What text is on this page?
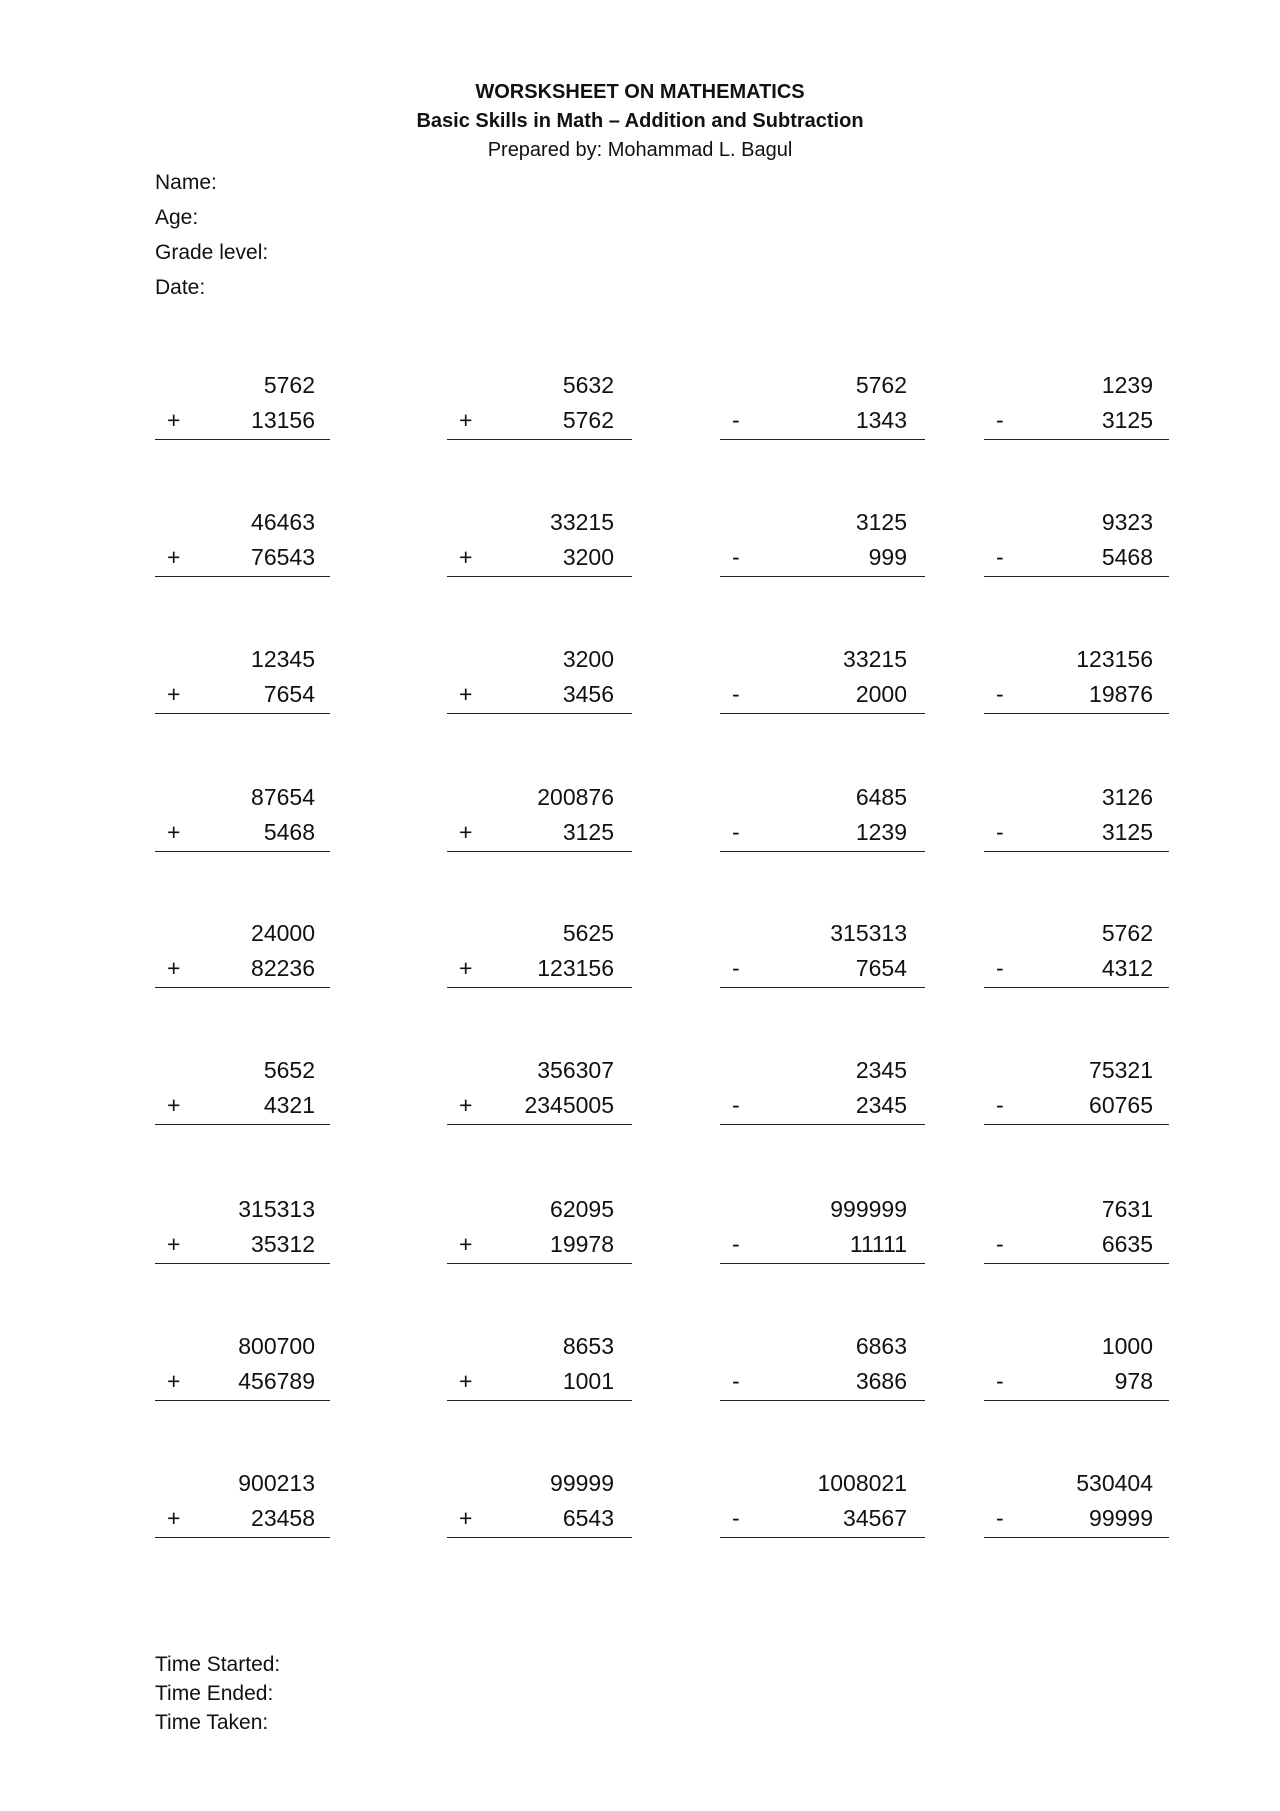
WORSKSHEET ON MATHEMATICS
Basic Skills in Math – Addition and Subtraction
Prepared by: Mohammad L. Bagul
Name:
Age:
Grade level:
Date:
5762
+	13156
5632
+	5762
5762
-	1343
1239
-	3125
46463
+	76543
33215
+	3200
3125
-	999
9323
-	5468
12345
+	7654
3200
+	3456
33215
-	2000
123156
-	19876
87654
+	5468
200876
+	3125
6485
-	1239
3126
-	3125
24000
+	82236
5625
+	123156
315313
-	7654
5762
-	4312
5652
+	4321
356307
+	2345005
2345
-	2345
75321
-	60765
315313
+	35312
62095
+	19978
999999
-	11111
7631
-	6635
800700
+	456789
8653
+	1001
6863
-	3686
1000
-	978
900213
+	23458
99999
+	6543
1008021
-	34567
530404
-	99999
Time Started:
Time Ended:
Time Taken:
